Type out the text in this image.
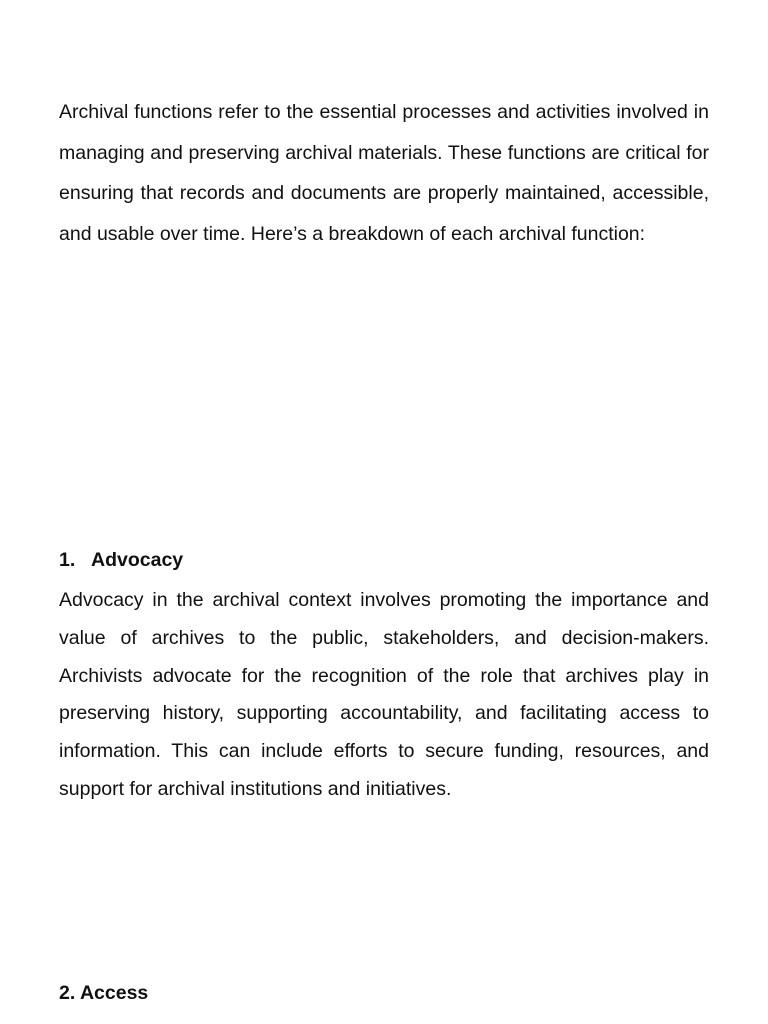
Archival functions refer to the essential processes and activities involved in managing and preserving archival materials. These functions are critical for ensuring that records and documents are properly maintained, accessible, and usable over time. Here’s a breakdown of each archival function:

1. Advocacy

Advocacy in the archival context involves promoting the importance and value of archives to the public, stakeholders, and decision-makers. Archivists advocate for the recognition of the role that archives play in preserving history, supporting accountability, and facilitating access to information. This can include efforts to secure funding, resources, and support for archival institutions and initiatives.

2. Access
